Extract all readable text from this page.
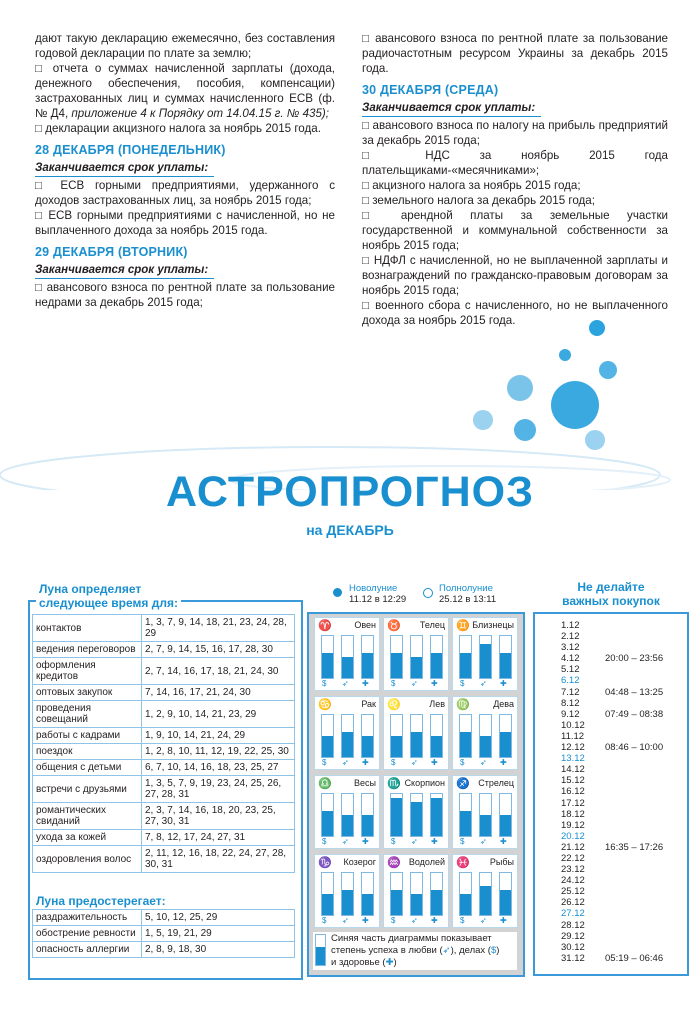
дают такую декларацию ежемесячно, без составления годовой декларации по плате за землю;

□ отчета о суммах начисленной зарплаты (дохода, денежного обеспечения, пособия, компенсации) застрахованных лиц и суммах начисленного ЕСВ (ф. № Д4, приложение 4 к Порядку от 14.04.15 г. № 435);

□ декларации акцизного налога за ноябрь 2015 года.

28 ДЕКАБРЯ (ПОНЕДЕЛЬНИК)
Заканчивается срок уплаты:

□ ЕСВ горными предприятиями, удержанного с доходов застрахованных лиц, за ноябрь 2015 года;

□ ЕСВ горными предприятиями с начисленной, но не выплаченного дохода за ноябрь 2015 года.

29 ДЕКАБРЯ (ВТОРНИК)
Заканчивается срок уплаты:

□ авансового взноса по рентной плате за пользование недрами за декабрь 2015 года;

□ авансового взноса по рентной плате за пользование радиочастотным ресурсом Украины за декабрь 2015 года.

30 ДЕКАБРЯ (СРЕДА)
Заканчивается срок уплаты:

□ авансового взноса по налогу на прибыль предприятий за декабрь 2015 года;

□ НДС за ноябрь 2015 года плательщиками-«месячниками»;

□ акцизного налога за ноябрь 2015 года;

□ земельного налога за декабрь 2015 года;

□ арендной платы за земельные участки государственной и коммунальной собственности за ноябрь 2015 года;

□ НДФЛ с начисленной, но не выплаченной зарплаты и вознаграждений по гражданско-правовым договорам за ноябрь 2015 года;

□ военного сбора с начисленного, но не выплаченного дохода за ноябрь 2015 года.

АСТРОПРОГНОЗ
на ДЕКАБРЬ
Луна определяет
следующее время для:
контактов	1, 3, 7, 9, 14, 18, 21, 23, 24, 28, 29
ведения переговоров	2, 7, 9, 14, 15, 16, 17, 28, 30
оформления кредитов	2, 7, 14, 16, 17, 18, 21, 24, 30
оптовых закупок	7, 14, 16, 17, 21, 24, 30
проведения совещаний	1, 2, 9, 10, 14, 21, 23, 29
работы с кадрами	1, 9, 10, 14, 21, 24, 29
поездок	1, 2, 8, 10, 11, 12, 19, 22, 25, 30
общения с детьми	6, 7, 10, 14, 16, 18, 23, 25, 27
встречи с друзьями	1, 3, 5, 7, 9, 19, 23, 24, 25, 26, 27, 28, 31
романтических свиданий	2, 3, 7, 14, 16, 18, 20, 23, 25, 27, 30, 31
ухода за кожей	7, 8, 12, 17, 24, 27, 31
оздоровления волос	2, 11, 12, 16, 18, 22, 24, 27, 28, 30, 31
Луна предостерегает:
раздражительность	5, 10, 12, 25, 29
обострение ревности	1, 5, 19, 21, 29
опасность аллергии	2, 8, 9, 18, 30
Новолуние
11.12 в 12:29
Полнолуние
25.12 в 13:11
♈	Овен
$ ➶ ✚
♉ Телец
$ ➶ ✚
♊ Близнецы
$ ➶ ✚
♋	Рак
$ ➶ ✚
♌	Лев
$ ➶ ✚
♍	Дева
$ ➶ ✚
♎ Весы
$ ➶ ✚
♏ Скорпион
$ ➶ ✚
♐ Стрелец
$ ➶ ✚
♑ Козерог
$ ➶ ✚
♒ Водолей
$ ➶ ✚
♓ Рыбы
$ ➶ ✚
Синяя часть диаграммы показывает
степень успеха в любви (➶), делах ($)
и здоровье (✚)
Не делайте
важных покупок
1.12
2.12
3.12
4.12	20:00 – 23:56
5.12
6.12
7.12	04:48 – 13:25
8.12
9.12	07:49 – 08:38
10.12
11.12
12.12 08:46 – 10:00
13.12
14.12
15.12
16.12
17.12
18.12
19.12
20.12
21.12 16:35 – 17:26
22.12
23.12
24.12
25.12
26.12
27.12
28.12
29.12
30.12
31.12 05:19 – 06:46
